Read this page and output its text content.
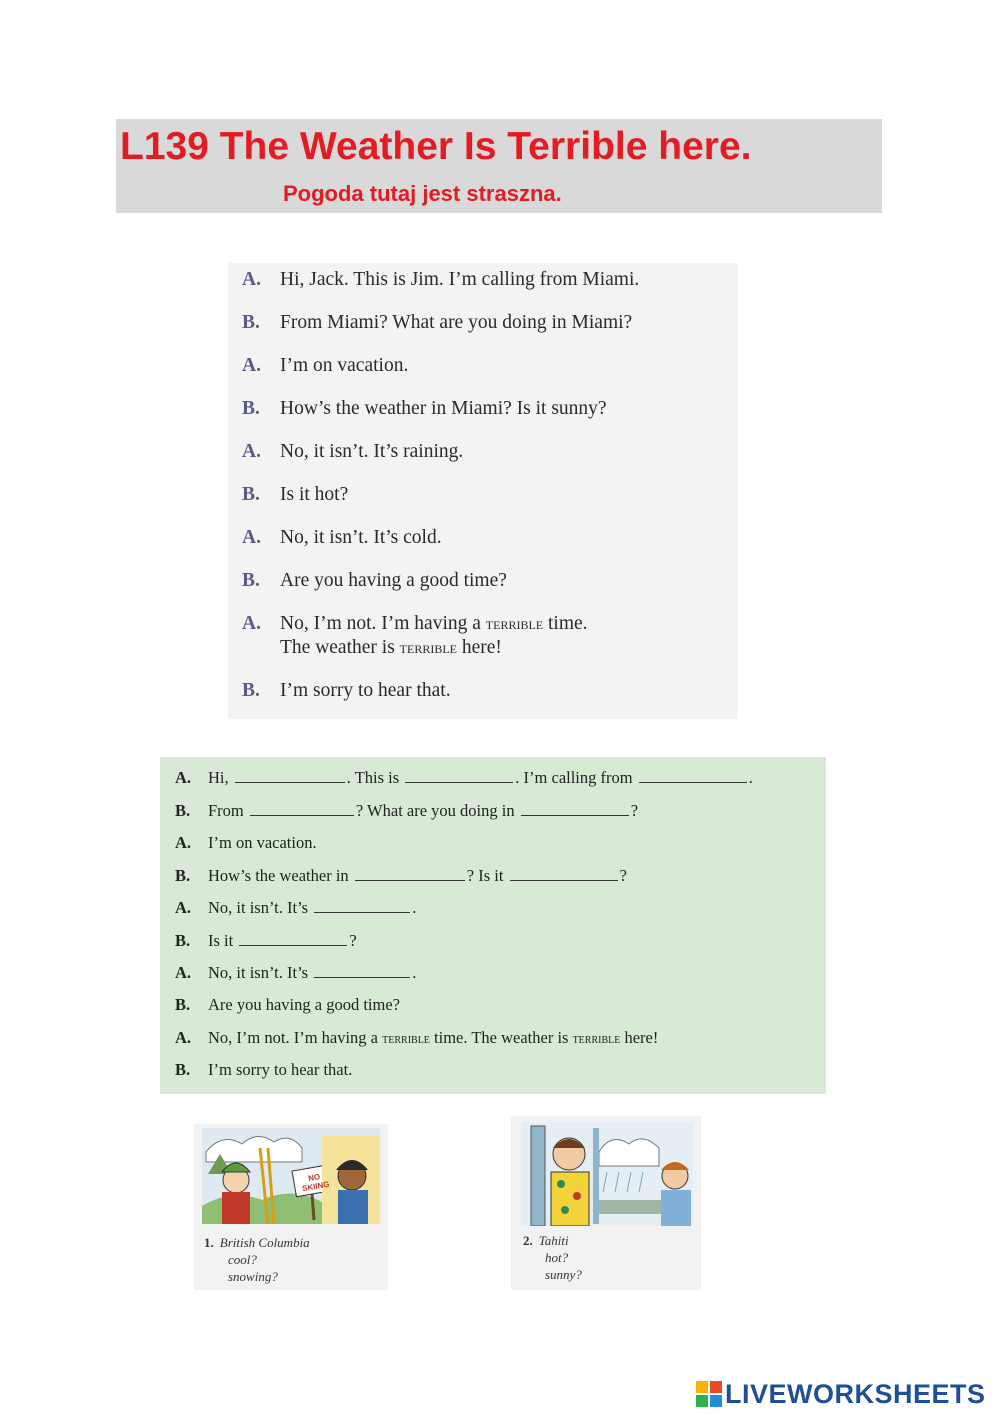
L139 The Weather Is Terrible here.
Pogoda tutaj jest straszna.
A. Hi, Jack. This is Jim. I’m calling from Miami.
B. From Miami? What are you doing in Miami?
A. I’m on vacation.
B. How’s the weather in Miami? Is it sunny?
A. No, it isn’t. It’s raining.
B. Is it hot?
A. No, it isn’t. It’s cold.
B. Are you having a good time?
A. No, I’m not. I’m having a terrible time.
The weather is terrible here!
B. I’m sorry to hear that.
A. Hi,	. This is	. I’m calling from	.
B. From	? What are you doing in	?
A. I’m on vacation.
B. How’s the weather in	? Is it	?
A. No, it isn’t. It’s	.
B. Is it	?
A. No, it isn’t. It’s	.
B. Are you having a good time?
A. No, I’m not. I’m having a terrible time. The weather is terrible here!
B. I’m sorry to hear that.
NO SKIING
1. British Columbia
cool?
snowing?
2. Tahiti
hot?
sunny?
LIVEWORKSHEETS
